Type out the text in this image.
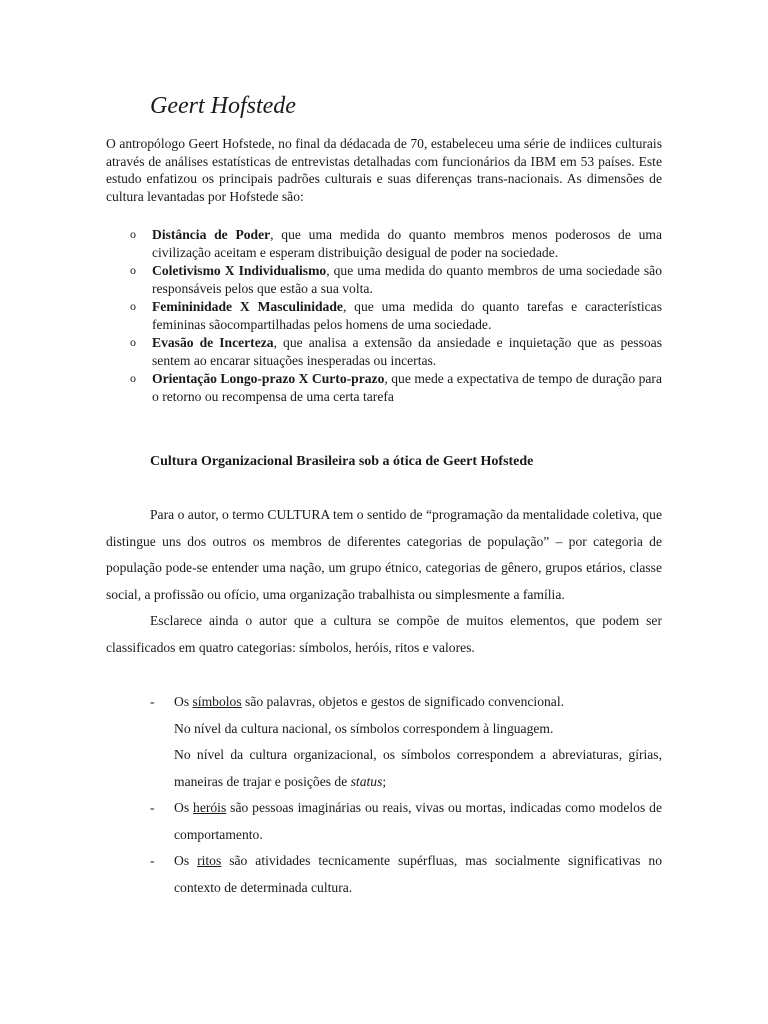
Geert Hofstede

O antropólogo Geert Hofstede, no final da dédacada de 70, estabeleceu uma série de indiices culturais através de análises estatísticas de entrevistas detalhadas com funcionários da IBM em 53 países. Este estudo enfatizou os principais padrões culturais e suas diferenças trans-nacionais. As dimensões de cultura levantadas por Hofstede são:

o Distância de Poder, que uma medida do quanto membros menos poderosos de uma civilização aceitam e esperam distribuição desigual de poder na sociedade.
o Coletivismo X Individualismo, que uma medida do quanto membros de uma sociedade são responsáveis pelos que estão a sua volta.
o Femininidade X Masculinidade, que uma medida do quanto tarefas e características femininas sãocompartilhadas pelos homens de uma sociedade.
o Evasão de Incerteza, que analisa a extensão da ansiedade e inquietação que as pessoas sentem ao encarar situações inesperadas ou incertas.
o Orientação Longo-prazo X Curto-prazo, que mede a expectativa de tempo de duração para o retorno ou recompensa de uma certa tarefa
Cultura Organizacional Brasileira sob a ótica de Geert Hofstede

Para o autor, o termo CULTURA tem o sentido de “programação da mentalidade coletiva, que distingue uns dos outros os membros de diferentes categorias de população” – por categoria de população pode-se entender uma nação, um grupo étnico, categorias de gênero, grupos etários, classe social, a profissão ou ofício, uma organização trabalhista ou simplesmente a família.

Esclarece ainda o autor que a cultura se compõe de muitos elementos, que podem ser classificados em quatro categorias: símbolos, heróis, ritos e valores.

- Os símbolos são palavras, objetos e gestos de significado convencional.
No nível da cultura nacional, os símbolos correspondem à linguagem.
No nível da cultura organizacional, os símbolos correspondem a abreviaturas, gírias, maneiras de trajar e posições de status;
- Os heróis são pessoas imaginárias ou reais, vivas ou mortas, indicadas como modelos de comportamento.
- Os ritos são atividades tecnicamente supérfluas, mas socialmente significativas no contexto de determinada cultura.
